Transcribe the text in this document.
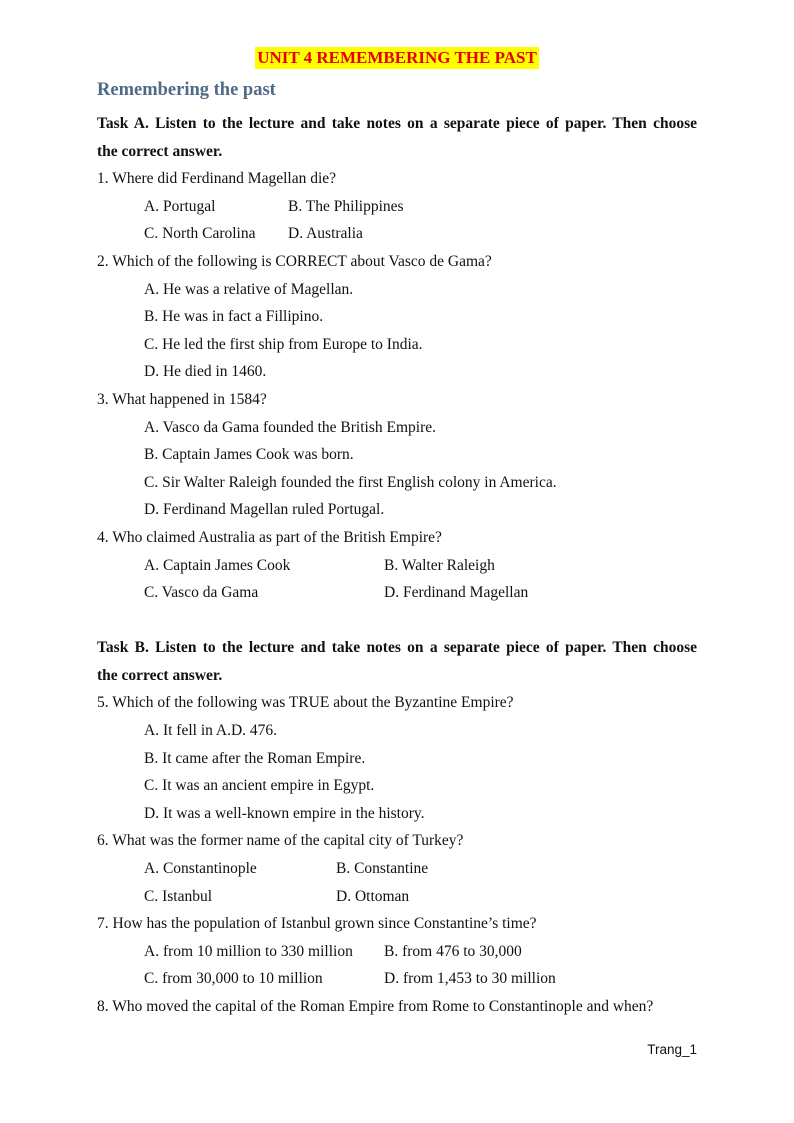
UNIT 4 REMEMBERING THE PAST
Remembering the past
Task A. Listen to the lecture and take notes on a separate piece of paper. Then choose
the correct answer.
1. Where did Ferdinand Magellan die?
A. Portugal	B. The Philippines
C. North Carolina D. Australia
2. Which of the following is CORRECT about Vasco de Gama?
A. He was a relative of Magellan.
B. He was in fact a Fillipino.
C. He led the first ship from Europe to India.
D. He died in 1460.
3. What happened in 1584?
A. Vasco da Gama founded the British Empire.
B. Captain James Cook was born.
C. Sir Walter Raleigh founded the first English colony in America.
D. Ferdinand Magellan ruled Portugal.
4. Who claimed Australia as part of the British Empire?
A. Captain James Cook	B. Walter Raleigh
C. Vasco da Gama	D. Ferdinand Magellan
Task B. Listen to the lecture and take notes on a separate piece of paper. Then choose
the correct answer.
5. Which of the following was TRUE about the Byzantine Empire?
A. It fell in A.D. 476.
B. It came after the Roman Empire.
C. It was an ancient empire in Egypt.
D. It was a well-known empire in the history.
6. What was the former name of the capital city of Turkey?
A. Constantinople	B. Constantine
C. Istanbul	D. Ottoman
7. How has the population of Istanbul grown since Constantine’s time?
A. from 10 million to 330 million B. from 476 to 30,000
C. from 30,000 to 10 million	D. from 1,453 to 30 million
8. Who moved the capital of the Roman Empire from Rome to Constantinople and when?
Trang_1
